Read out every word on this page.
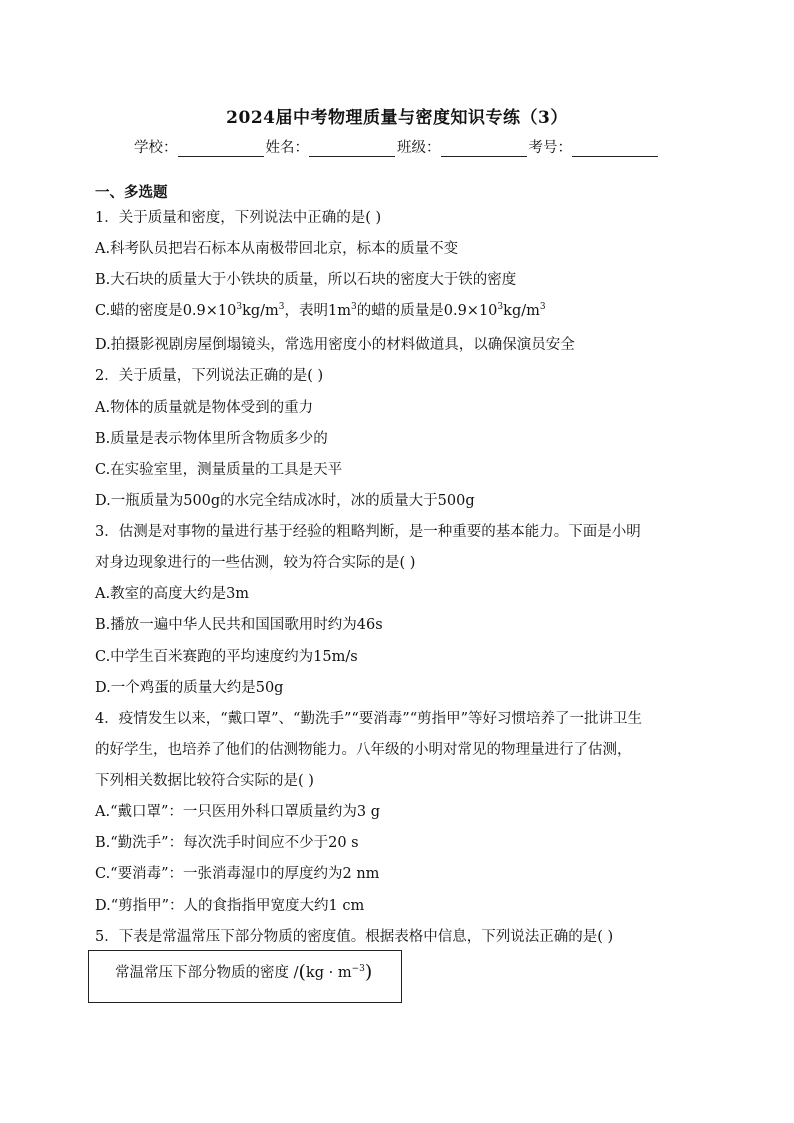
2024届中考物理质量与密度知识专练（3）
学校：	姓名：	班级：	考号：
一、多选题
1．关于质量和密度，下列说法中正确的是( )
A.科考队员把岩石标本从南极带回北京，标本的质量不变
B.大石块的质量大于小铁块的质量，所以石块的密度大于铁的密度
C.蜡的密度是$0.9\times 10^3kg/m^3$，表明$1m^3$的蜡的质量是$0.9\times 10^3kg/m^3$
D.拍摄影视剧房屋倒塌镜头，常选用密度小的材料做道具，以确保演员安全
2．关于质量，下列说法正确的是( )
A.物体的质量就是物体受到的重力
B.质量是表示物体里所含物质多少的
C.在实验室里，测量质量的工具是天平
D.一瓶质量为500g的水完全结成冰时，冰的质量大于500g
3．估测是对事物的量进行基于经验的粗略判断，是一种重要的基本能力。下面是小明
对身边现象进行的一些估测，较为符合实际的是( )
A.教室的高度大约是3m
B.播放一遍中华人民共和国国歌用时约为46s
C.中学生百米赛跑的平均速度约为15m/s
D.一个鸡蛋的质量大约是50g
4．疫情发生以来，“戴口罩”、“勤洗手”“要消毒”“剪指甲”等好习惯培养了一批讲卫生
的好学生，也培养了他们的估测物能力。八年级的小明对常见的物理量进行了估测，
下列相关数据比较符合实际的是( )
A.“戴口罩”：一只医用外科口罩质量约为3 g
B.“勤洗手”：每次洗手时间应不少于20 s
C.“要消毒”：一张消毒湿巾的厚度约为2 nm
D.“剪指甲”：人的食指指甲宽度大约1 cm
5．下表是常温常压下部分物质的密度值。根据表格中信息，下列说法正确的是( )
常温常压下部分物质的密度 $/(kg \cdot m^{-3})$
